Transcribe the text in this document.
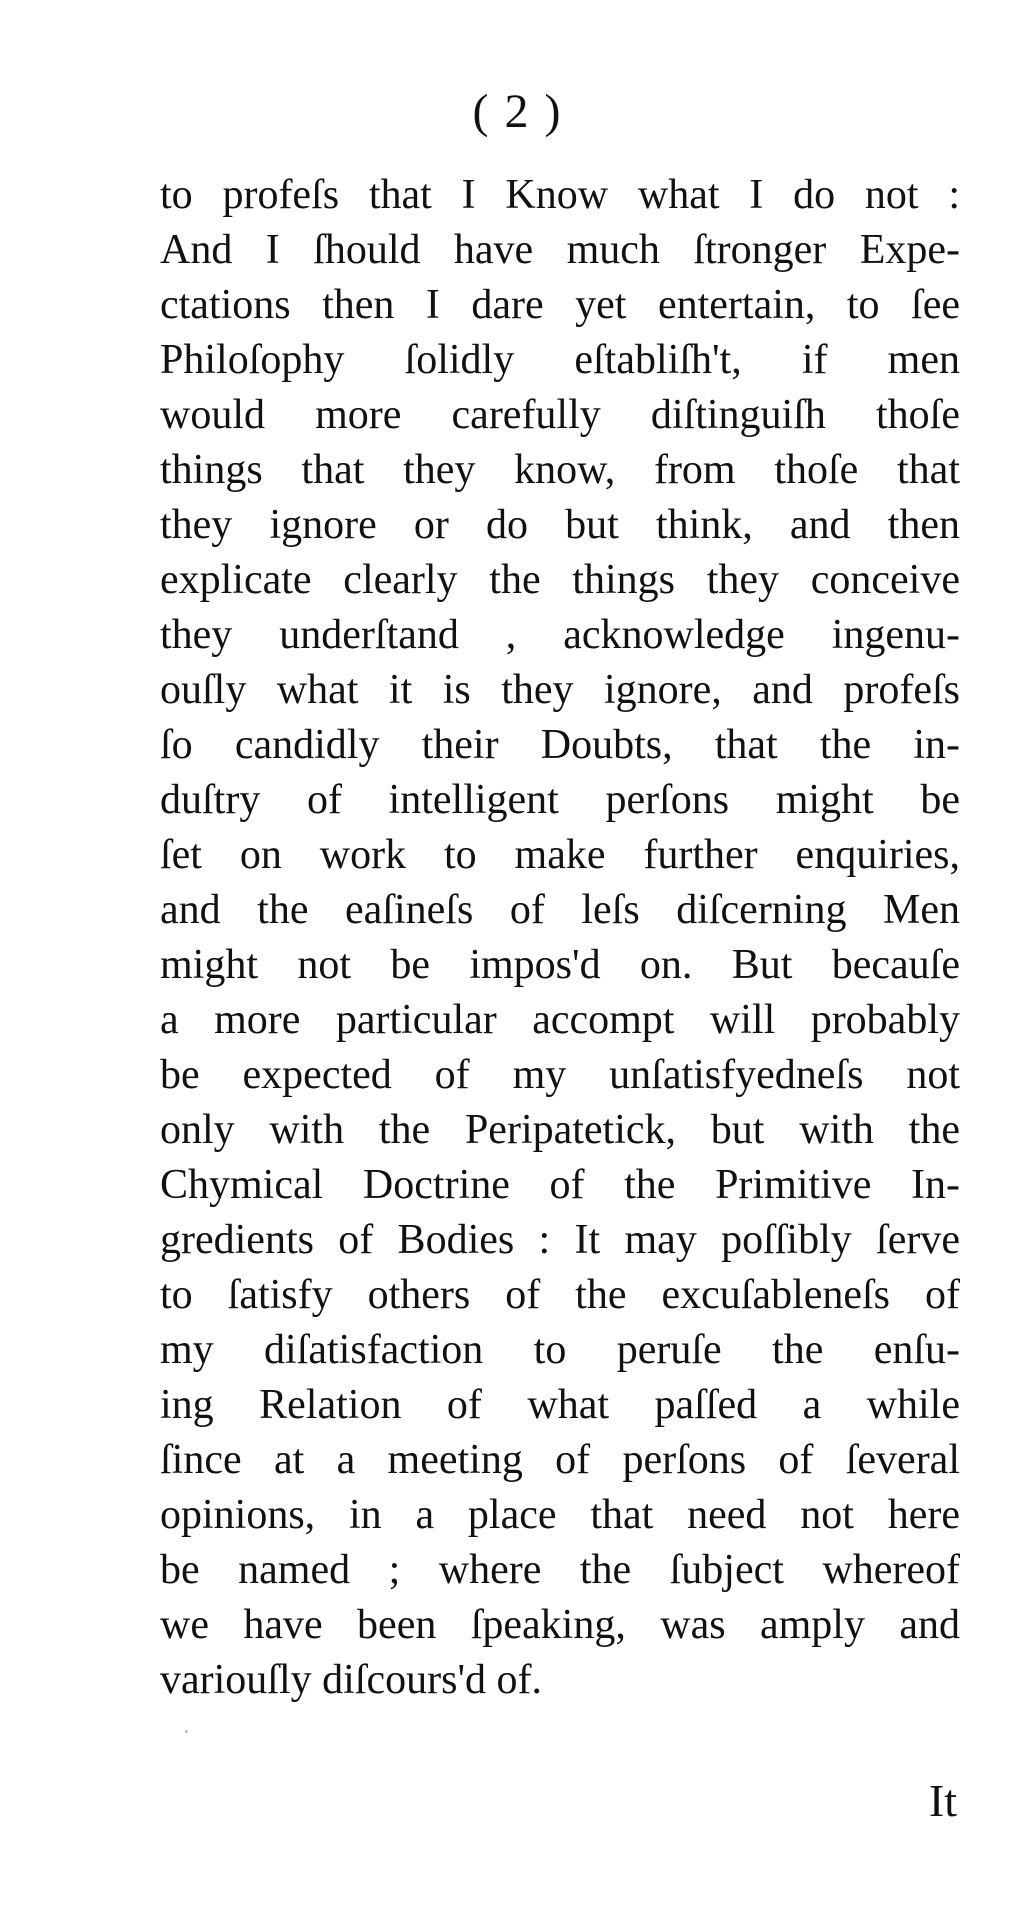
( 2 )
to profeſs that I Know what I do not :
And I ſhould have much ſtronger Expe-
ctations then I dare yet entertain, to ſee
Philoſophy ſolidly eſtabliſh't, if men
would more carefully diſtinguiſh thoſe
things that they know, from thoſe that
they ignore or do but think, and then
explicate clearly the things they conceive
they underſtand , acknowledge ingenu-
ouſly what it is they ignore, and profeſs
ſo candidly their Doubts, that the in-
duſtry of intelligent perſons might be
ſet on work to make further enquiries,
and the eaſineſs of leſs diſcerning Men
might not be impos'd on. But becauſe
a more particular accompt will probably
be expected of my unſatisfyedneſs not
only with the Peripatetick, but with the
Chymical Doctrine of the Primitive In-
gredients of Bodies : It may poſſibly ſerve
to ſatisfy others of the excuſableneſs of
my diſatisfaction to peruſe the enſu-
ing Relation of what paſſed a while
ſince at a meeting of perſons of ſeveral
opinions, in a place that need not here
be named ; where the ſubject whereof
we have been ſpeaking, was amply and
variouſly diſcours'd of.
It
